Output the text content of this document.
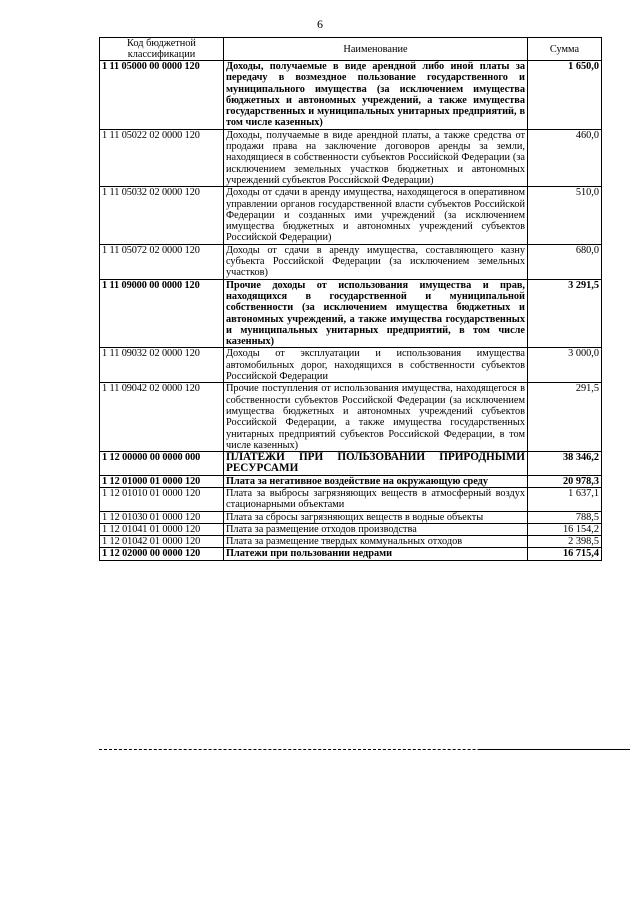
6
Код бюджетной классификации	Наименование	Сумма
1 11 05000 00 0000 120	Доходы, получаемые в виде арендной либо иной платы за передачу в возмездное пользование государственного и муниципального имущества (за исключением имущества бюджетных и автономных учреждений, а также имущества государственных и муниципальных унитарных предприятий, в том числе казенных)	1 650,0
1 11 05022 02 0000 120	Доходы, получаемые в виде арендной платы, а также средства от продажи права на заключение договоров аренды за земли, находящиеся в собственности субъектов Российской Федерации (за исключением земельных участков бюджетных и автономных учреждений субъектов Российской Федерации)	460,0
1 11 05032 02 0000 120	Доходы от сдачи в аренду имущества, находящегося в оперативном управлении органов государственной власти субъектов Российской Федерации и созданных ими учреждений (за исключением имущества бюджетных и автономных учреждений субъектов Российской Федерации)	510,0
1 11 05072 02 0000 120	Доходы от сдачи в аренду имущества, составляющего казну субъекта Российской Федерации (за исключением земельных участков)	680,0
1 11 09000 00 0000 120	Прочие доходы от использования имущества и прав, находящихся в государственной и муниципальной собственности (за исключением имущества бюджетных и автономных учреждений, а также имущества государственных и муниципальных унитарных предприятий, в том числе казенных)	3 291,5
1 11 09032 02 0000 120	Доходы от эксплуатации и использования имущества автомобильных дорог, находящихся в собственности субъектов Российской Федерации	3 000,0
1 11 09042 02 0000 120	Прочие поступления от использования имущества, находящегося в собственности субъектов Российской Федерации (за исключением имущества бюджетных и автономных учреждений субъектов Российской Федерации, а также имущества государственных унитарных предприятий субъектов Российской Федерации, в том числе казенных)	291,5
1 12 00000 00 0000 000	ПЛАТЕЖИ ПРИ ПОЛЬЗОВАНИИ ПРИРОДНЫМИ РЕСУРСАМИ	38 346,2
1 12 01000 01 0000 120	Плата за негативное воздействие на окружающую среду	20 978,3
1 12 01010 01 0000 120	Плата за выбросы загрязняющих веществ в атмосферный воздух стационарными объектами	1 637,1
1 12 01030 01 0000 120	Плата за сбросы загрязняющих веществ в водные объекты	788,5
1 12 01041 01 0000 120	Плата за размещение отходов производства	16 154,2
1 12 01042 01 0000 120	Плата за размещение твердых коммунальных отходов	2 398,5
1 12 02000 00 0000 120	Платежи при пользовании недрами	16 715,4
